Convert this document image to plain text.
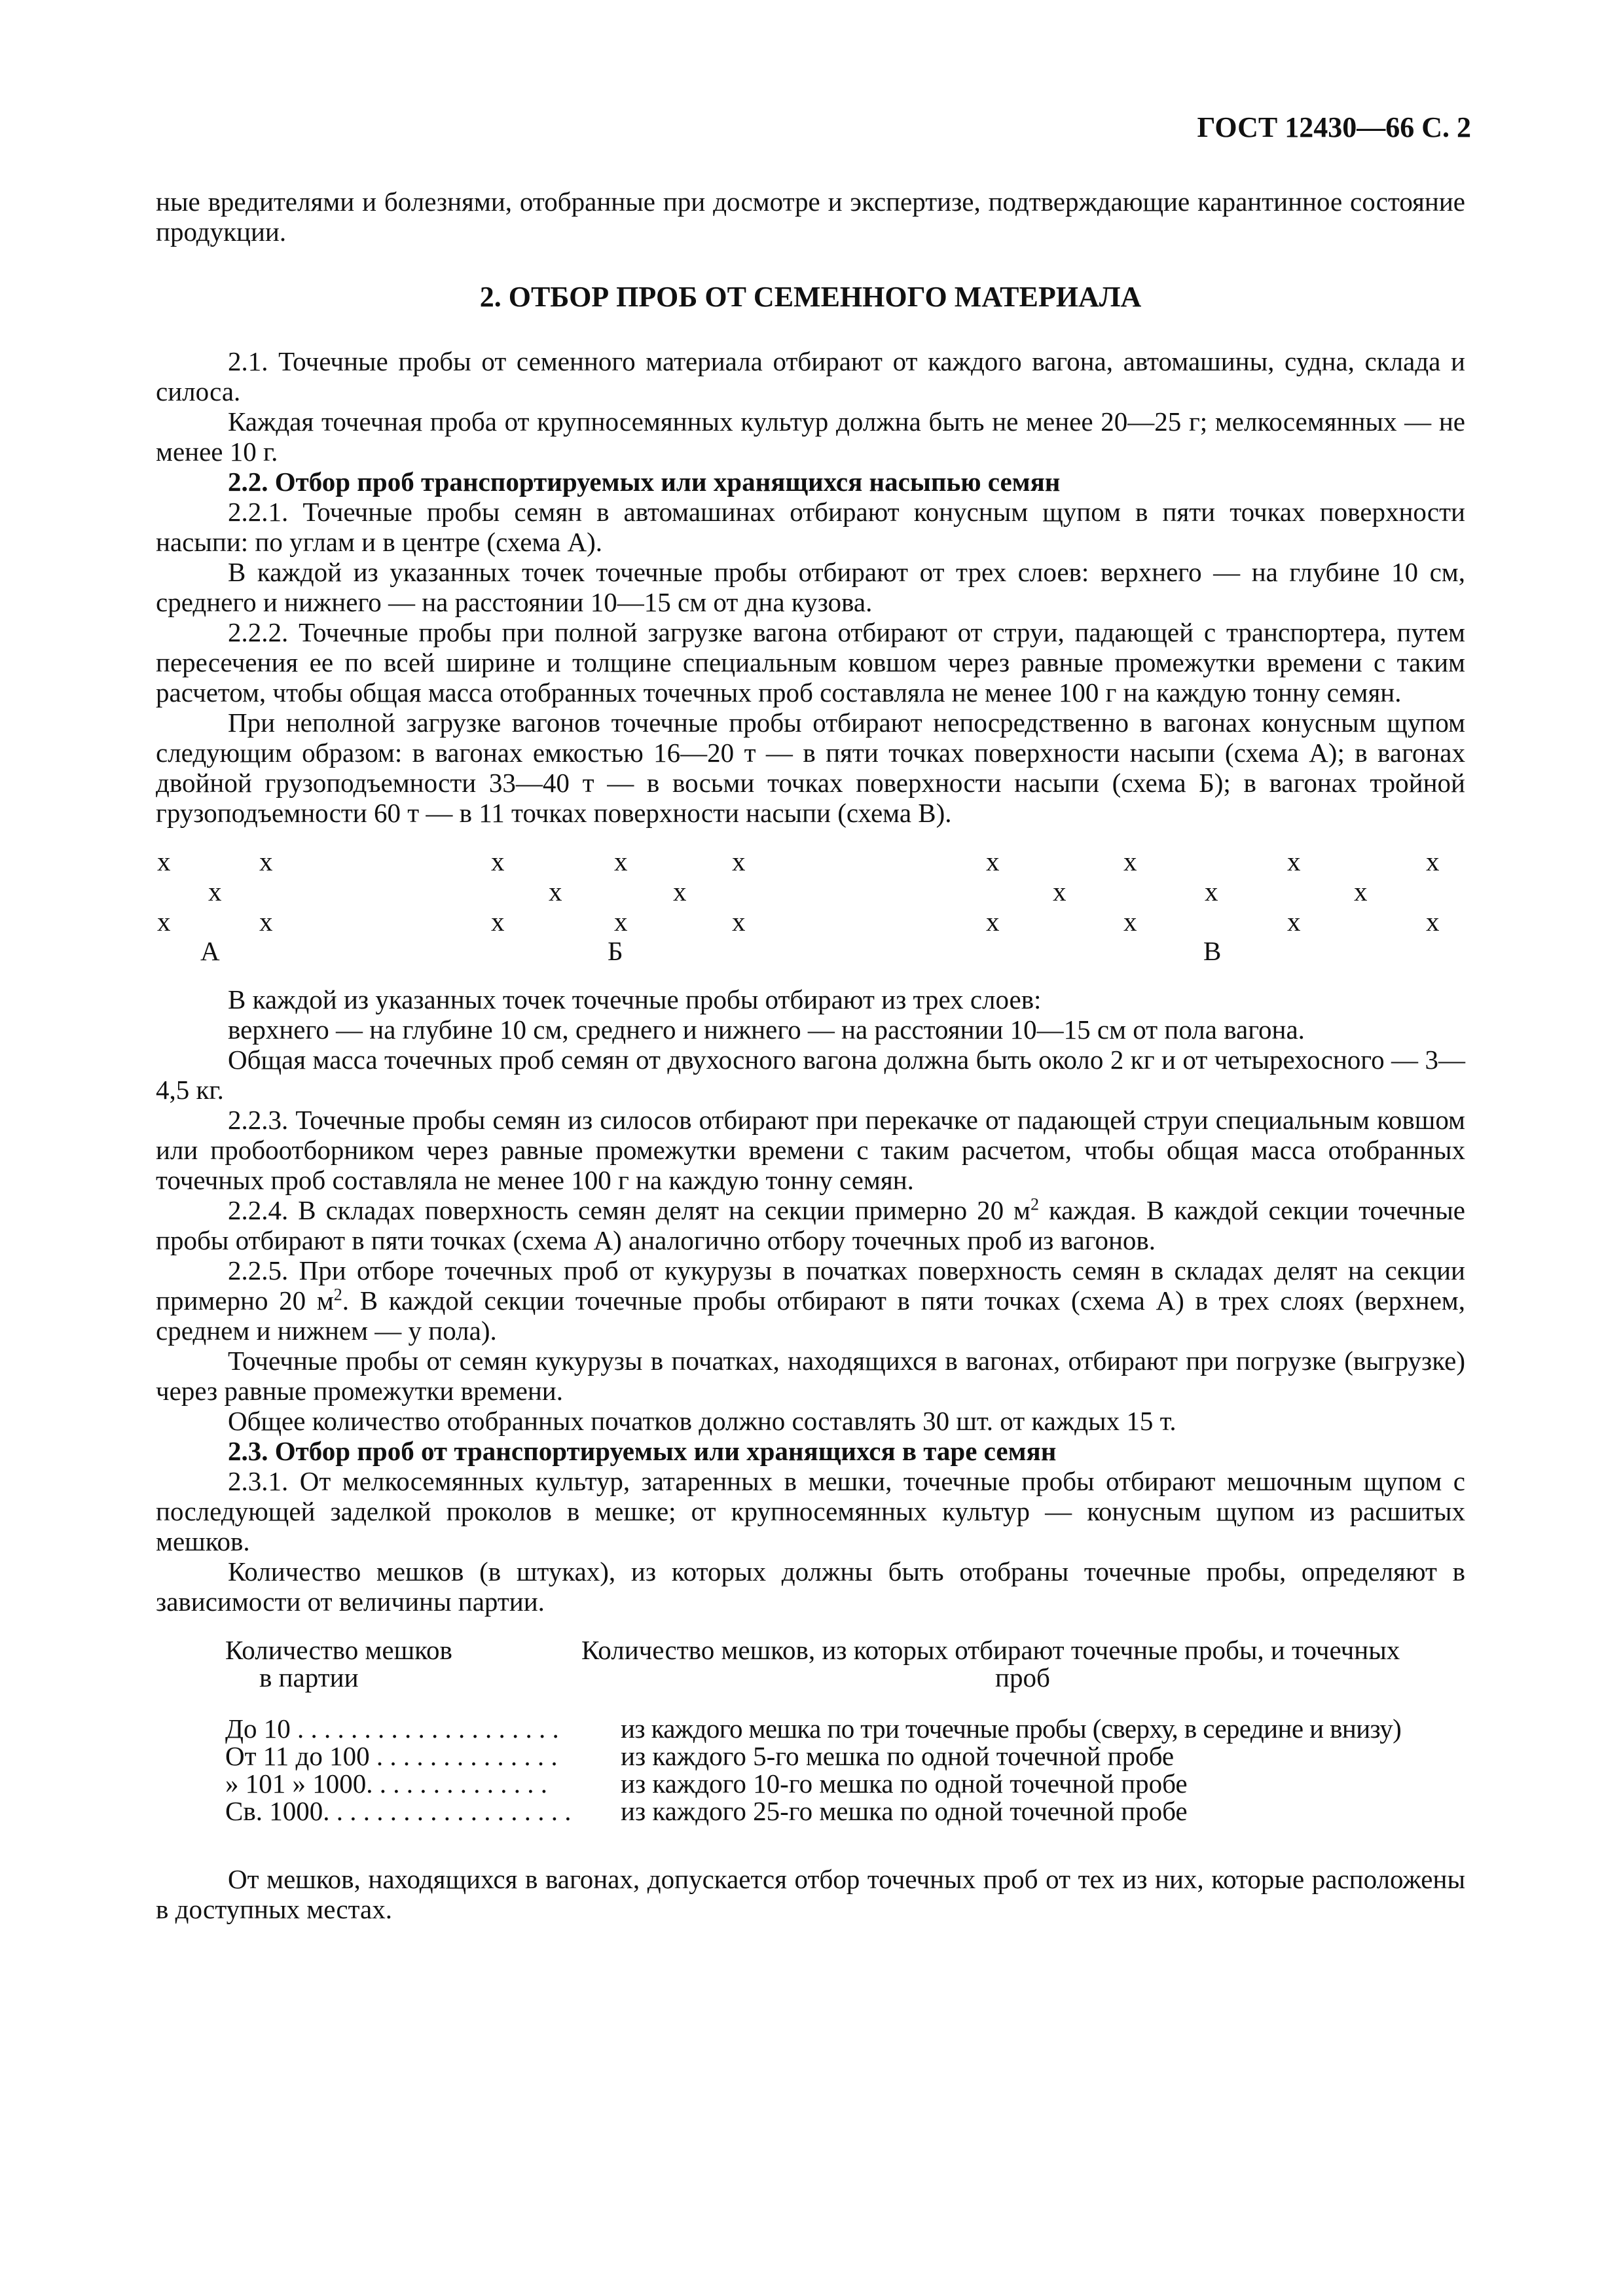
ГОСТ 12430—66 С. 2

ные вредителями и болезнями, отобранные при досмотре и экспертизе, подтверждающие карантинное состояние продукции.

2. ОТБОР ПРОБ ОТ СЕМЕННОГО МАТЕРИАЛА

2.1. Точечные пробы от семенного материала отбирают от каждого вагона, автомашины, судна, склада и силоса.

Каждая точечная проба от крупносемянных культур должна быть не менее 20—25 г; мелкосемянных — не менее 10 г.

2.2. Отбор проб транспортируемых или хранящихся насыпью семян

2.2.1. Точечные пробы семян в автомашинах отбирают конусным щупом в пяти точках поверхности насыпи: по углам и в центре (схема А).

В каждой из указанных точек точечные пробы отбирают от трех слоев: верхнего — на глубине 10 см, среднего и нижнего — на расстоянии 10—15 см от дна кузова.

2.2.2. Точечные пробы при полной загрузке вагона отбирают от струи, падающей с транспортера, путем пересечения ее по всей ширине и толщине специальным ковшом через равные промежутки времени с таким расчетом, чтобы общая масса отобранных точечных проб составляла не менее 100 г на каждую тонну семян.

При неполной загрузке вагонов точечные пробы отбирают непосредственно в вагонах конусным щупом следующим образом: в вагонах емкостью 16—20 т — в пяти точках поверхности насыпи (схема А); в вагонах двойной грузоподъемности 33—40 т — в восьми точках поверхности насыпи (схема Б); в вагонах тройной грузоподъемности 60 т — в 11 точках поверхности насыпи (схема В).

x	x
x
x	x
А
x	x	x
x	x
x	x	x
Б
x	x	x	x
x	x	x
x	x	x	x
В

В каждой из указанных точек точечные пробы отбирают из трех слоев:

верхнего — на глубине 10 см, среднего и нижнего — на расстоянии 10—15 см от пола вагона.

Общая масса точечных проб семян от двухосного вагона должна быть около 2 кг и от четырехосного — 3—4,5 кг.

2.2.3. Точечные пробы семян из силосов отбирают при перекачке от падающей струи специальным ковшом или пробоотборником через равные промежутки времени с таким расчетом, чтобы общая масса отобранных точечных проб составляла не менее 100 г на каждую тонну семян.

2.2.4. В складах поверхность семян делят на секции примерно 20 $м^2$ каждая. В каждой секции точечные пробы отбирают в пяти точках (схема А) аналогично отбору точечных проб из вагонов.

2.2.5. При отборе точечных проб от кукурузы в початках поверхность семян в складах делят на секции примерно 20 $м^2$. В каждой секции точечные пробы отбирают в пяти точках (схема А) в трех слоях (верхнем, среднем и нижнем — у пола).

Точечные пробы от семян кукурузы в початках, находящихся в вагонах, отбирают при погрузке (выгрузке) через равные промежутки времени.

Общее количество отобранных початков должно составлять 30 шт. от каждых 15 т.

2.3. Отбор проб от транспортируемых или хранящихся в таре семян

2.3.1. От мелкосемянных культур, затаренных в мешки, точечные пробы отбирают мешочным щупом с последующей заделкой проколов в мешке; от крупносемянных культур — конусным щупом из расшитых мешков.

Количество мешков (в штуках), из которых должны быть отобраны точечные пробы, определяют в зависимости от величины партии.

Количество мешков
в партии
Количество мешков, из которых отбирают точечные пробы, и точечных
проб
До 10 . . . . . . . . . . . . . . . . . . . . из каждого мешка по три точечные пробы (сверху, в середине и внизу)
От 11 до 100 . . . . . . . . . . . . . . из каждого 5-го мешка по одной точечной пробе
» 101 » 1000. . . . . . . . . . . . . .	из каждого 10-го мешка по одной точечной пробе
Св. 1000. . . . . . . . . . . . . . . . . . . из каждого 25-го мешка по одной точечной пробе

От мешков, находящихся в вагонах, допускается отбор точечных проб от тех из них, которые расположены в доступных местах.
